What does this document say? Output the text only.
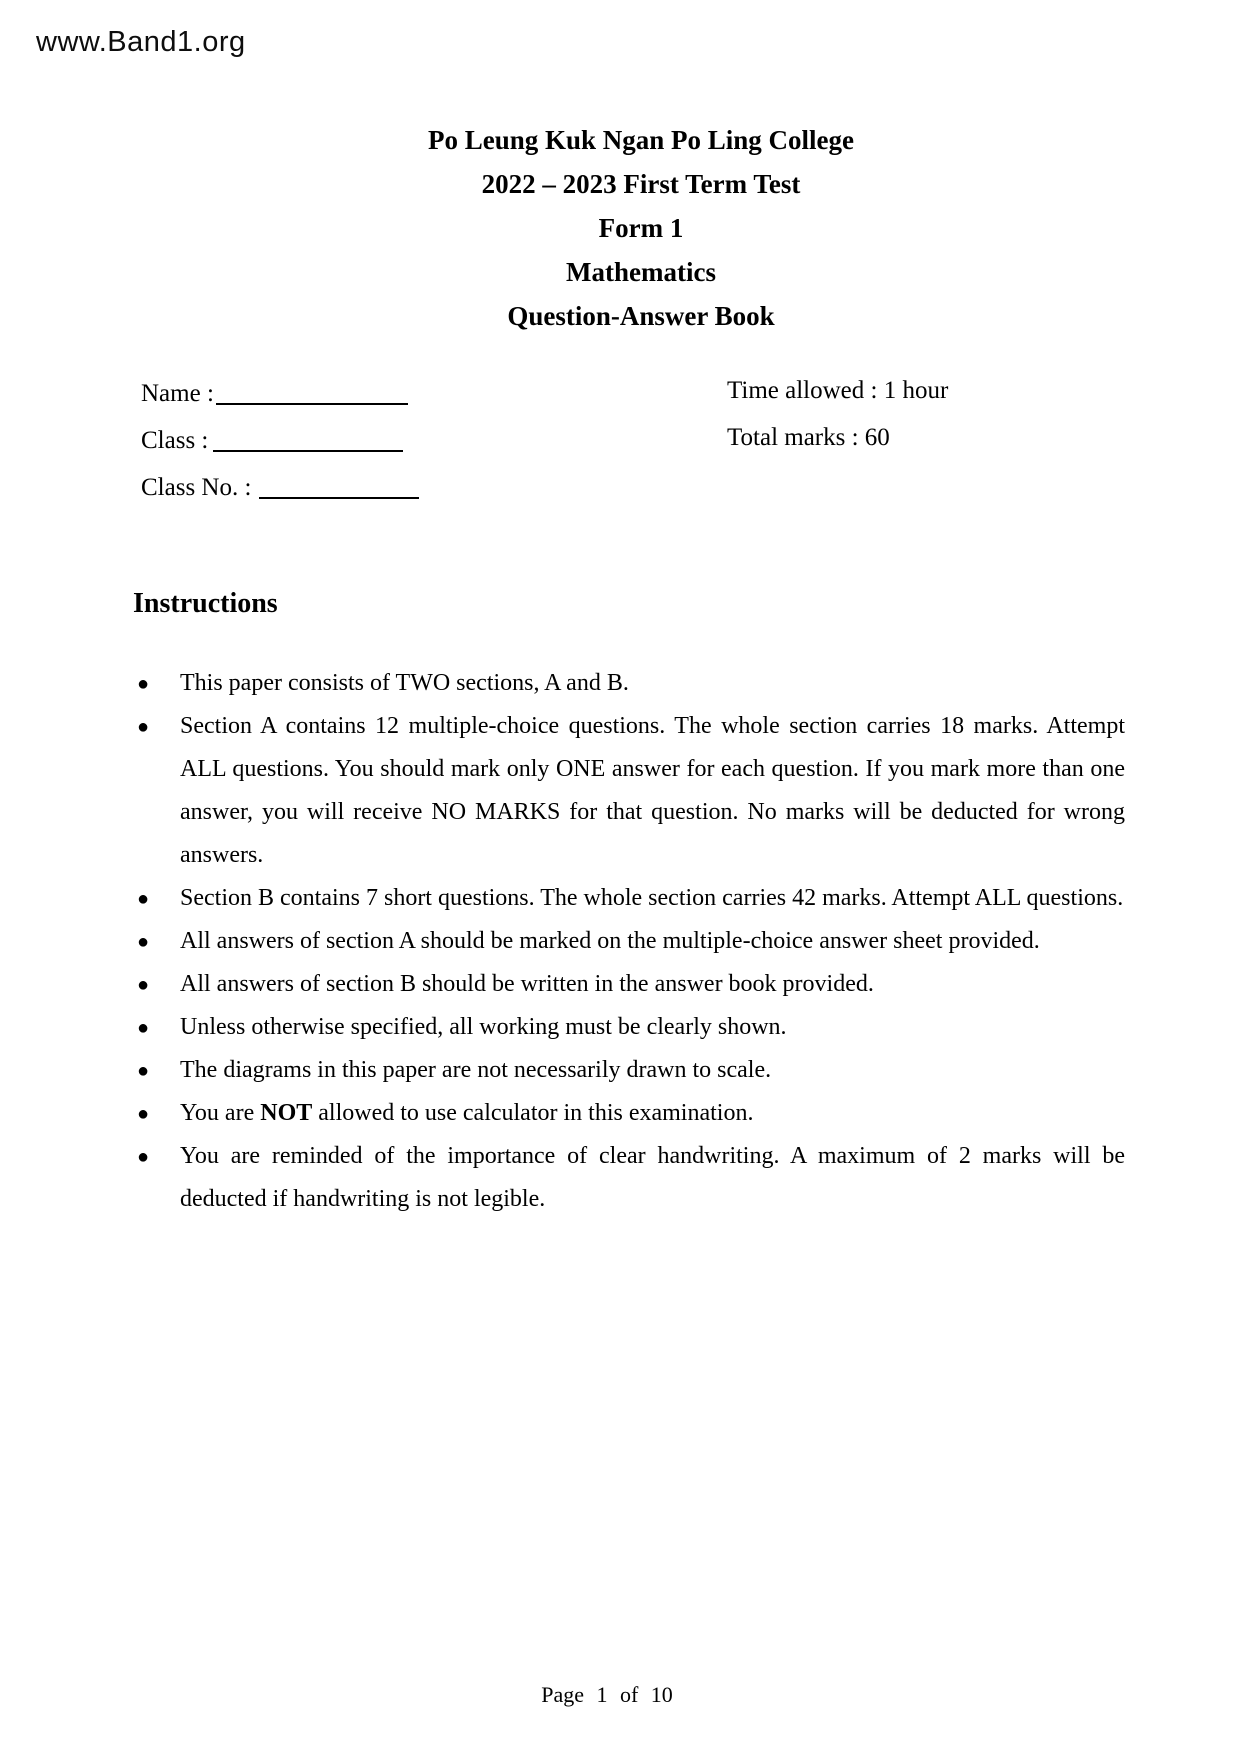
www.Band1.org
Po Leung Kuk Ngan Po Ling College
2022 – 2023 First Term Test
Form 1
Mathematics
Question-Answer Book
Name :
Class :
Class No. :
Time allowed : 1 hour
Total marks : 60
Instructions
● This paper consists of TWO sections, A and B.
● Section A contains 12 multiple-choice questions. The whole section carries 18 marks. Attempt ALL questions. You should mark only ONE answer for each question. If you mark more than one answer, you will receive NO MARKS for that question. No marks will be deducted for wrong answers.
● Section B contains 7 short questions. The whole section carries 42 marks. Attempt ALL questions.
● All answers of section A should be marked on the multiple-choice answer sheet provided.
● All answers of section B should be written in the answer book provided.
● Unless otherwise specified, all working must be clearly shown.
● The diagrams in this paper are not necessarily drawn to scale.
● You are NOT allowed to use calculator in this examination.
● You are reminded of the importance of clear handwriting. A maximum of 2 marks will be deducted if handwriting is not legible.
Page 1 of 10
